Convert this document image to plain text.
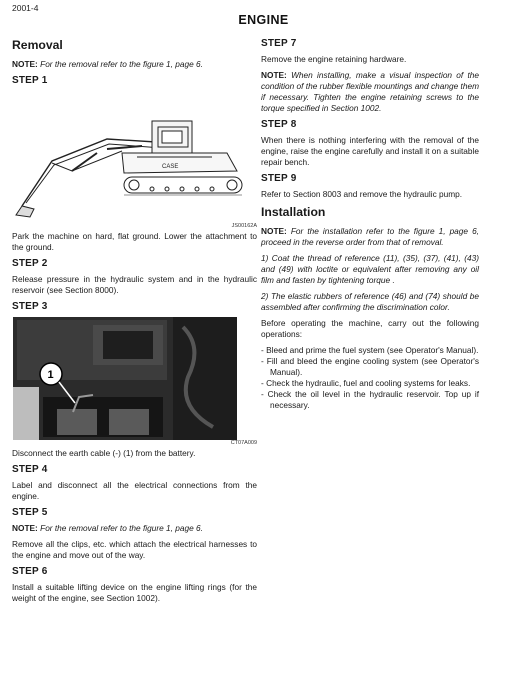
2001-4
ENGINE
Removal

NOTE: For the removal refer to the figure 1, page 6.

STEP 1
CASE
JS00162A

Park the machine on hard, flat ground. Lower the attachment to the ground.

STEP 2

Release pressure in the hydraulic system and in the hydraulic reservoir (see Section 8000).

STEP 3
1
CT07A009

Disconnect the earth cable (-) (1) from the battery.

STEP 4

Label and disconnect all the electrical connections from the engine.

STEP 5

NOTE: For the removal refer to the figure 1, page 6.

Remove all the clips, etc. which attach the electrical harnesses to the engine and move out of the way.

STEP 6

Install a suitable lifting device on the engine lifting rings (for the weight of the engine, see Section 1002).

STEP 7

Remove the engine retaining hardware.

NOTE: When installing, make a visual inspection of the condition of the rubber flexible mountings and change them if necessary. Tighten the engine retaining screws to the torque specified in Section 1002.

STEP 8

When there is nothing interfering with the removal of the engine, raise the engine carefully and install it on a suitable repair bench.

STEP 9

Refer to Section 8003 and remove the hydraulic pump.

Installation

NOTE: For the installation refer to the figure 1, page 6, proceed in the reverse order from that of removal.

1) Coat the thread of reference (11), (35), (37), (41), (43) and (49) with loctite or equivalent after removing any oil film and fasten by tightening torque .

2) The elastic rubbers of reference (46) and (74) should be assembled after confirming the discrimination color.

Before operating the machine, carry out the following operations:

- Bleed and prime the fuel system (see Operator's Manual).
- Fill and bleed the engine cooling system (see Operator's Manual).
- Check the hydraulic, fuel and cooling systems for leaks.
- Check the oil level in the hydraulic reservoir. Top up if necessary.
